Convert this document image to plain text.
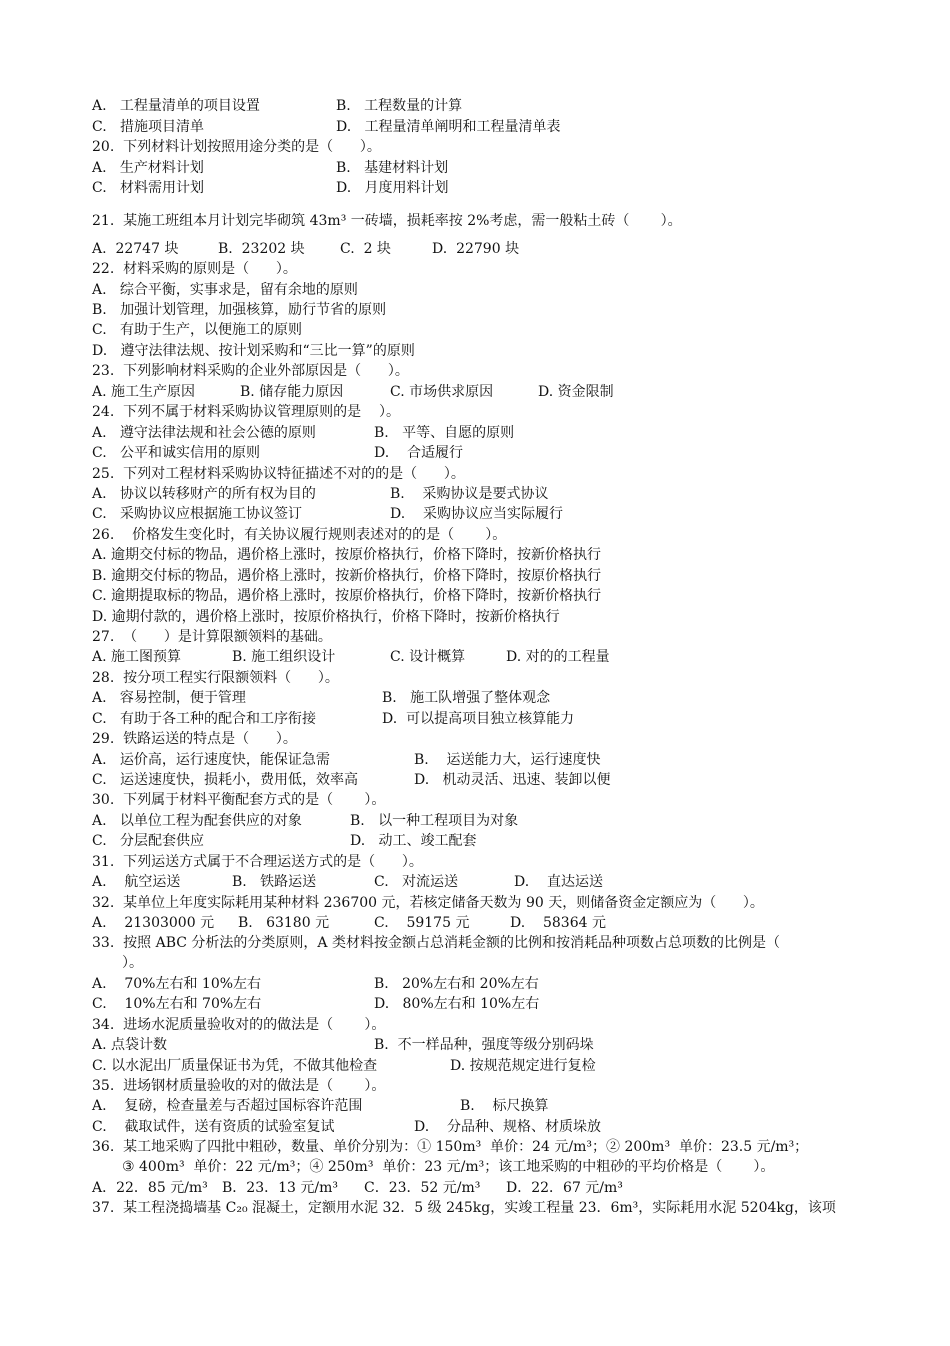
A.   工程量清单的项目设置	B.   工程数量的计算
C.   措施项目清单	D.   工程量清单阐明和工程量清单表
20.  下列材料计划按照用途分类的是（      ）。
A.   生产材料计划	B.   基建材料计划
C.   材料需用计划	D.   月度用料计划
21.  某施工班组本月计划完毕砌筑 43m³ 一砖墙，损耗率按 2%考虑，需一般粘土砖（       ）。
A.  22747 块	B.  23202 块	C.  2 块	D.  22790 块
22.  材料采购的原则是（      ）。
A.   综合平衡，实事求是，留有余地的原则
B.   加强计划管理，加强核算，励行节省的原则
C.   有助于生产，以便施工的原则
D.   遵守法律法规、按计划采购和“三比一算”的原则
23.  下列影响材料采购的企业外部原因是（      ）。
A. 施工生产原因	B. 储存能力原因	C. 市场供求原因	D. 资金限制
24.  下列不属于材料采购协议管理原则的是    ）。
A.   遵守法律法规和社会公德的原则	B.   平等、自愿的原则
C.   公平和诚实信用的原则	D.    合适履行
25.  下列对工程材料采购协议特征描述不对的的是（      ）。
A.   协议以转移财产的所有权为目的	B.    采购协议是要式协议
C.   采购协议应根据施工协议签订	D.    采购协议应当实际履行
26.    价格发生变化时，有关协议履行规则表述对的的是（       ）。
A. 逾期交付标的物品，遇价格上涨时，按原价格执行，价格下降时，按新价格执行
B. 逾期交付标的物品，遇价格上涨时，按新价格执行，价格下降时，按原价格执行
C. 逾期提取标的物品，遇价格上涨时，按原价格执行，价格下降时，按新价格执行
D. 逾期付款的，遇价格上涨时，按原价格执行，价格下降时，按新价格执行
27.  （      ）是计算限额领料的基础。
A. 施工图预算	B. 施工组织设计	C. 设计概算	D. 对的的工程量
28.  按分项工程实行限额领料（      ）。
A.   容易控制，便于管理	B.   施工队增强了整体观念
C.   有助于各工种的配合和工序衔接	D.  可以提高项目独立核算能力
29.  铁路运送的特点是（      ）。
A.   运价高，运行速度快，能保证急需	B.    运送能力大，运行速度快
C.   运送速度快，损耗小，费用低，效率高	D.   机动灵活、迅速、装卸以便
30.  下列属于材料平衡配套方式的是（       ）。
A.   以单位工程为配套供应的对象	B.   以一种工程项目为对象
C.   分层配套供应	D.   动工、竣工配套
31.  下列运送方式属于不合理运送方式的是（      ）。
A.    航空运送	B.   铁路运送	C.   对流运送	D.    直达运送
32.  某单位上年度实际耗用某种材料 236700 元，若核定储备天数为 90 天，则储备资金定额应为（      ）。
A.    21303000 元 B.   63180 元	C.    59175 元	D.    58364 元
33.  按照 ABC 分析法的分类原则，A 类材料按金额占总消耗金额的比例和按消耗品种项数占总项数的比例是（
）。
A.    70%左右和 10%左右	B.   20%左右和 20%左右
C.    10%左右和 70%左右	D.   80%左右和 10%左右
34.  进场水泥质量验收对的的做法是（       ）。
A. 点袋计数	B.  不一样品种，强度等级分别码垛
C. 以水泥出厂质量保证书为凭，不做其他检查	D. 按规范规定进行复检
35.  进场钢材质量验收的对的做法是（       ）。
A.    复磅，检查量差与否超过国标容许范围	B.    标尺换算
C.    截取试件，送有资质的试验室复试	D.    分品种、规格、材质垛放
36.  某工地采购了四批中粗砂，数量、单价分别为：① 150m³  单价：24 元/m³；② 200m³  单价：23.5 元/m³；
③ 400m³  单价：22 元/m³；④ 250m³  单价：23 元/m³；该工地采购的中粗砂的平均价格是（       ）。
A．22．85 元/m³ B．23．13 元/m³ C．23．52 元/m³ D．22．67 元/m³
37.  某工程浇捣墙基 C₂₀ 混凝土，定额用水泥 32．5 级 245kg，实竣工程量 23．6m³，实际耗用水泥 5204kg，该项
